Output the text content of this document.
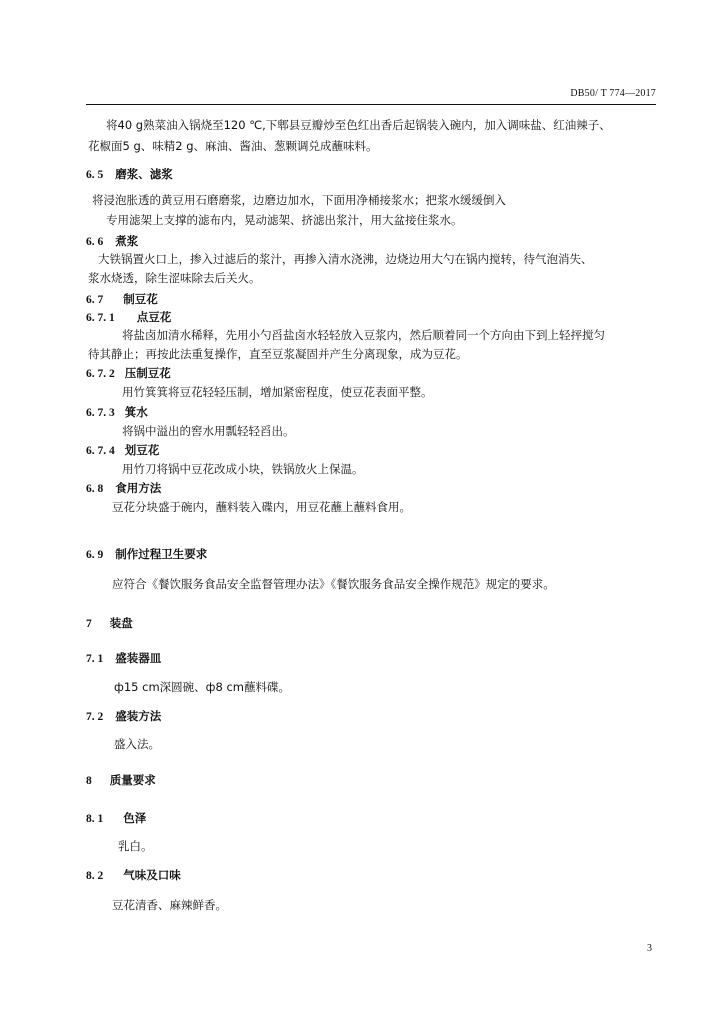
DB50/ T 774—2017
将40 g熟菜油入锅烧至120 ℃,下郫县豆瓣炒至色红出香后起锅装入碗内，加入调味盐、红油辣子、
花椒面5 g、味精2 g、麻油、酱油、葱颗调兑成蘸味料。
6. 5 磨浆、滤浆
将浸泡胀透的黄豆用石磨磨浆，边磨边加水，下面用净桶接浆水；把浆水缓缓倒入
专用滤架上支撑的滤布内，晃动滤架、挤滤出浆汁，用大盆接住浆水。
6. 6 煮浆
大铁锅置火口上，掺入过滤后的浆汁，再掺入清水浇沸，边烧边用大勺在锅内搅转，待气泡消失、
浆水烧透，除生涩味除去后关火。
6. 7 制豆花
6. 7. 1 点豆花
将盐卤加清水稀释，先用小勺舀盐卤水轻轻放入豆浆内，然后顺着同一个方向由下到上轻抨搅匀
待其静止；再按此法重复操作，直至豆浆凝固并产生分离现象，成为豆花。
6. 7. 2 压制豆花
用竹箕箕将豆花轻轻压制，增加紧密程度，使豆花表面平整。
6. 7. 3 箕水
将锅中溢出的窖水用瓢轻轻舀出。
6. 7. 4 划豆花
用竹刀将锅中豆花改成小块，铁锅放火上保温。
6. 8 食用方法
豆花分块盛于碗内，蘸料装入碟内，用豆花蘸上蘸料食用。
6. 9 制作过程卫生要求
应符合《餐饮服务食品安全监督管理办法》《餐饮服务食品安全操作规范》规定的要求。
7 装盘
7. 1 盛装器皿
ф15 cm深圆碗、ф8 cm蘸料碟。
7. 2 盛装方法
盛入法。
8 质量要求
8. 1 色泽
乳白。
8. 2 气味及口味
豆花清香、麻辣鲜香。
3
